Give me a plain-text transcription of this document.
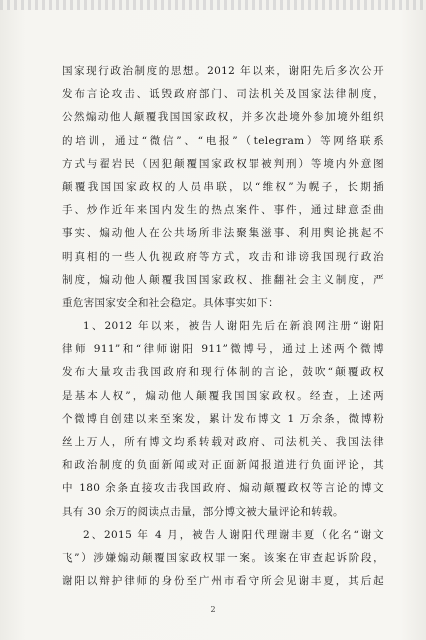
国家现行政治制度的思想。2012 年以来，谢阳先后多次公开
发布言论攻击、诋毁政府部门、司法机关及国家法律制度，
公然煽动他人颠覆我国国家政权，并多次赴境外参加境外组织
的培训，通过“微信”、“电报”（telegram）等网络联系
方式与翟岩民（因犯颠覆国家政权罪被判刑）等境内外意图
颠覆我国国家政权的人员串联，以“维权”为幌子，长期插
手、炒作近年来国内发生的热点案件、事件，通过肆意歪曲
事实、煽动他人在公共场所非法聚集滋事、利用舆论挑起不
明真相的一些人仇视政府等方式，攻击和诽谤我国现行政治
制度，煽动他人颠覆我国国家政权、推翻社会主义制度，严
重危害国家安全和社会稳定。具体事实如下：
1、2012 年以来，被告人谢阳先后在新浪网注册“谢阳
律师 911”和“律师谢阳 911”微博号，通过上述两个微博
发布大量攻击我国政府和现行体制的言论，鼓吹“颠覆政权
是基本人权”，煽动他人颠覆我国国家政权。经查，上述两
个微博自创建以来至案发，累计发布博文 1 万余条，微博粉
丝上万人，所有博文均系转载对政府、司法机关、我国法律
和政治制度的负面新闻或对正面新闻报道进行负面评论，其
中 180 余条直接攻击我国政府、煽动颠覆政权等言论的博文
具有 30 余万的阅读点击量，部分博文被大量评论和转载。
2、2015 年 4 月，被告人谢阳代理谢丰夏（化名“谢文
飞”）涉嫌煽动颠覆国家政权罪一案。该案在审查起诉阶段，
谢阳以辩护律师的身份至广州市看守所会见谢丰夏，其后起
2
